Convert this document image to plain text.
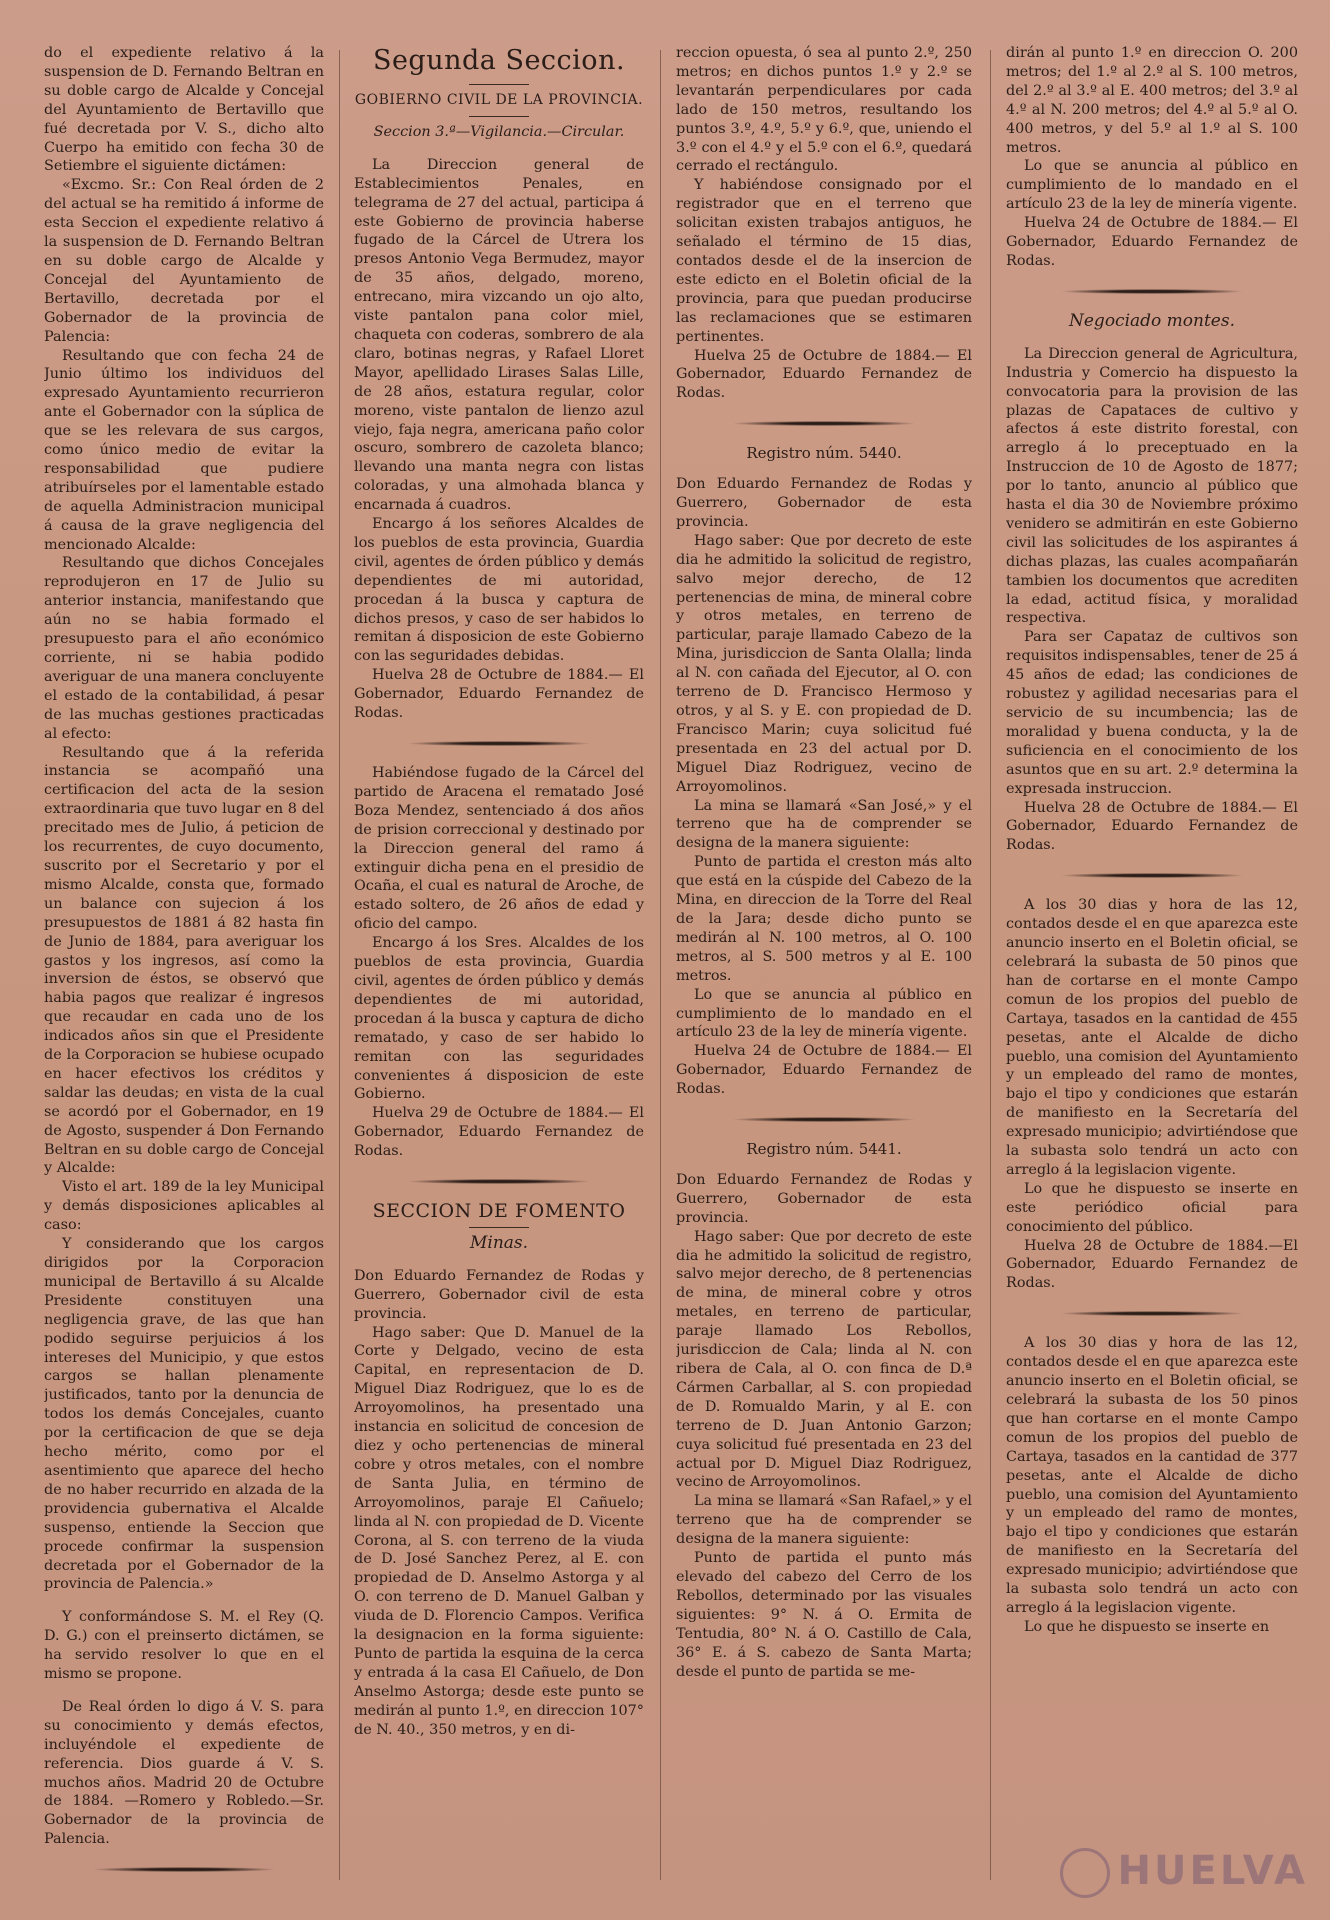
do el expediente relativo á la suspension de D. Fernando Beltran en su doble cargo de Alcalde y Concejal del Ayuntamiento de Bertavillo que fué decretada por V. S., dicho alto Cuerpo ha emitido con fecha 30 de Setiembre el siguiente dictámen:

«Excmo. Sr.: Con Real órden de 2 del actual se ha remitido á informe de esta Seccion el expediente relativo á la suspension de D. Fernando Beltran en su doble cargo de Alcalde y Concejal del Ayuntamiento de Bertavillo, decretada por el Gobernador de la provincia de Palencia:

Resultando que con fecha 24 de Junio último los individuos del expresado Ayuntamiento recurrieron ante el Gobernador con la súplica de que se les relevara de sus cargos, como único medio de evitar la responsabilidad que pudiere atribuírseles por el lamentable estado de aquella Administracion municipal á causa de la grave negligencia del mencionado Alcalde:

Resultando que dichos Concejales reprodujeron en 17 de Julio su anterior instancia, manifestando que aún no se habia formado el presupuesto para el año económico corriente, ni se habia podido averiguar de una manera concluyente el estado de la contabilidad, á pesar de las muchas gestiones practicadas al efecto:

Resultando que á la referida instancia se acompañó una certificacion del acta de la sesion extraordinaria que tuvo lugar en 8 del precitado mes de Julio, á peticion de los recurrentes, de cuyo documento, suscrito por el Secretario y por el mismo Alcalde, consta que, formado un balance con sujecion á los presupuestos de 1881 á 82 hasta fin de Junio de 1884, para averiguar los gastos y los ingresos, así como la inversion de éstos, se observó que habia pagos que realizar é ingresos que recaudar en cada uno de los indicados años sin que el Presidente de la Corporacion se hubiese ocupado en hacer efectivos los créditos y saldar las deudas; en vista de la cual se acordó por el Gobernador, en 19 de Agosto, suspender á Don Fernando Beltran en su doble cargo de Concejal y Alcalde:

Visto el art. 189 de la ley Municipal y demás disposiciones aplicables al caso:

Y considerando que los cargos dirigidos por la Corporacion municipal de Bertavillo á su Alcalde Presidente constituyen una negligencia grave, de las que han podido seguirse perjuicios á los intereses del Municipio, y que estos cargos se hallan plenamente justificados, tanto por la denuncia de todos los demás Concejales, cuanto por la certificacion de que se deja hecho mérito, como por el asentimiento que aparece del hecho de no haber recurrido en alzada de la providencia gubernativa el Alcalde suspenso, entiende la Seccion que procede confirmar la suspension decretada por el Gobernador de la provincia de Palencia.»

Y conformándose S. M. el Rey (Q. D. G.) con el preinserto dictámen, se ha servido resolver lo que en el mismo se propone.

De Real órden lo digo á V. S. para su conocimiento y demás efectos, incluyéndole el expediente de referencia. Dios guarde á V. S. muchos años. Madrid 20 de Octubre de 1884. —Romero y Robledo.—Sr. Gobernador de la provincia de Palencia.

Segunda Seccion.

GOBIERNO CIVIL DE LA PROVINCIA.

Seccion 3.ª—Vigilancia.—Circular.

La Direccion general de Establecimientos Penales, en telegrama de 27 del actual, participa á este Gobierno de provincia haberse fugado de la Cárcel de Utrera los presos Antonio Vega Bermudez, mayor de 35 años, delgado, moreno, entrecano, mira vizcando un ojo alto, viste pantalon pana color miel, chaqueta con coderas, sombrero de ala claro, botinas negras, y Rafael Lloret Mayor, apellidado Lirases Salas Lille, de 28 años, estatura regular, color moreno, viste pantalon de lienzo azul viejo, faja negra, americana paño color oscuro, sombrero de cazoleta blanco; llevando una manta negra con listas coloradas, y una almohada blanca y encarnada á cuadros.

Encargo á los señores Alcaldes de los pueblos de esta provincia, Guardia civil, agentes de órden público y demás dependientes de mi autoridad, procedan á la busca y captura de dichos presos, y caso de ser habidos lo remitan á disposicion de este Gobierno con las seguridades debidas.

Huelva 28 de Octubre de 1884.— El Gobernador, Eduardo Fernandez de Rodas.

Habiéndose fugado de la Cárcel del partido de Aracena el rematado José Boza Mendez, sentenciado á dos años de prision correccional y destinado por la Direccion general del ramo á extinguir dicha pena en el presidio de Ocaña, el cual es natural de Aroche, de estado soltero, de 26 años de edad y oficio del campo.

Encargo á los Sres. Alcaldes de los pueblos de esta provincia, Guardia civil, agentes de órden público y demás dependientes de mi autoridad, procedan á la busca y captura de dicho rematado, y caso de ser habido lo remitan con las seguridades convenientes á disposicion de este Gobierno.

Huelva 29 de Octubre de 1884.— El Gobernador, Eduardo Fernandez de Rodas.

SECCION DE FOMENTO

Minas.

Don Eduardo Fernandez de Rodas y Guerrero, Gobernador civil de esta provincia.

Hago saber: Que D. Manuel de la Corte y Delgado, vecino de esta Capital, en representacion de D. Miguel Diaz Rodriguez, que lo es de Arroyomolinos, ha presentado una instancia en solicitud de concesion de diez y ocho pertenencias de mineral cobre y otros metales, con el nombre de Santa Julia, en término de Arroyomolinos, paraje El Cañuelo; linda al N. con propiedad de D. Vicente Corona, al S. con terreno de la viuda de D. José Sanchez Perez, al E. con propiedad de D. Anselmo Astorga y al O. con terreno de D. Manuel Galban y viuda de D. Florencio Campos. Verifica la designacion en la forma siguiente: Punto de partida la esquina de la cerca y entrada á la casa El Cañuelo, de Don Anselmo Astorga; desde este punto se medirán al punto 1.º, en direccion 107° de N. 40., 350 metros, y en di-

reccion opuesta, ó sea al punto 2.º, 250 metros; en dichos puntos 1.º y 2.º se levantarán perpendiculares por cada lado de 150 metros, resultando los puntos 3.º, 4.º, 5.º y 6.º, que, uniendo el 3.º con el 4.º y el 5.º con el 6.º, quedará cerrado el rectángulo.

Y habiéndose consignado por el registrador que en el terreno que solicitan existen trabajos antiguos, he señalado el término de 15 dias, contados desde el de la insercion de este edicto en el Boletin oficial de la provincia, para que puedan producirse las reclamaciones que se estimaren pertinentes.

Huelva 25 de Octubre de 1884.— El Gobernador, Eduardo Fernandez de Rodas.

Registro núm. 5440.

Don Eduardo Fernandez de Rodas y Guerrero, Gobernador de esta provincia.

Hago saber: Que por decreto de este dia he admitido la solicitud de registro, salvo mejor derecho, de 12 pertenencias de mina, de mineral cobre y otros metales, en terreno de particular, paraje llamado Cabezo de la Mina, jurisdiccion de Santa Olalla; linda al N. con cañada del Ejecutor, al O. con terreno de D. Francisco Hermoso y otros, y al S. y E. con propiedad de D. Francisco Marin; cuya solicitud fué presentada en 23 del actual por D. Miguel Diaz Rodriguez, vecino de Arroyomolinos.

La mina se llamará «San José,» y el terreno que ha de comprender se designa de la manera siguiente:

Punto de partida el creston más alto que está en la cúspide del Cabezo de la Mina, en direccion de la Torre del Real de la Jara; desde dicho punto se medirán al N. 100 metros, al O. 100 metros, al S. 500 metros y al E. 100 metros.

Lo que se anuncia al público en cumplimiento de lo mandado en el artículo 23 de la ley de minería vigente.

Huelva 24 de Octubre de 1884.— El Gobernador, Eduardo Fernandez de Rodas.

Registro núm. 5441.

Don Eduardo Fernandez de Rodas y Guerrero, Gobernador de esta provincia.

Hago saber: Que por decreto de este dia he admitido la solicitud de registro, salvo mejor derecho, de 8 pertenencias de mina, de mineral cobre y otros metales, en terreno de particular, paraje llamado Los Rebollos, jurisdiccion de Cala; linda al N. con ribera de Cala, al O. con finca de D.ª Cármen Carballar, al S. con propiedad de D. Romualdo Marin, y al E. con terreno de D. Juan Antonio Garzon; cuya solicitud fué presentada en 23 del actual por D. Miguel Diaz Rodriguez, vecino de Arroyomolinos.

La mina se llamará «San Rafael,» y el terreno que ha de comprender se designa de la manera siguiente:

Punto de partida el punto más elevado del cabezo del Cerro de los Rebollos, determinado por las visuales siguientes: 9° N. á O. Ermita de Tentudia, 80° N. á O. Castillo de Cala, 36° E. á S. cabezo de Santa Marta; desde el punto de partida se me-

dirán al punto 1.º en direccion O. 200 metros; del 1.º al 2.º al S. 100 metros, del 2.º al 3.º al E. 400 metros; del 3.º al 4.º al N. 200 metros; del 4.º al 5.º al O. 400 metros, y del 5.º al 1.º al S. 100 metros.

Lo que se anuncia al público en cumplimiento de lo mandado en el artículo 23 de la ley de minería vigente.

Huelva 24 de Octubre de 1884.— El Gobernador, Eduardo Fernandez de Rodas.

Negociado montes.

La Direccion general de Agricultura, Industria y Comercio ha dispuesto la convocatoria para la provision de las plazas de Capataces de cultivo y afectos á este distrito forestal, con arreglo á lo preceptuado en la Instruccion de 10 de Agosto de 1877; por lo tanto, anuncio al público que hasta el dia 30 de Noviembre próximo venidero se admitirán en este Gobierno civil las solicitudes de los aspirantes á dichas plazas, las cuales acompañarán tambien los documentos que acrediten la edad, actitud física, y moralidad respectiva.

Para ser Capataz de cultivos son requisitos indispensables, tener de 25 á 45 años de edad; las condiciones de robustez y agilidad necesarias para el servicio de su incumbencia; las de moralidad y buena conducta, y la de suficiencia en el conocimiento de los asuntos que en su art. 2.º determina la expresada instruccion.

Huelva 28 de Octubre de 1884.— El Gobernador, Eduardo Fernandez de Rodas.

A los 30 dias y hora de las 12, contados desde el en que aparezca este anuncio inserto en el Boletin oficial, se celebrará la subasta de 50 pinos que han de cortarse en el monte Campo comun de los propios del pueblo de Cartaya, tasados en la cantidad de 455 pesetas, ante el Alcalde de dicho pueblo, una comision del Ayuntamiento y un empleado del ramo de montes, bajo el tipo y condiciones que estarán de manifiesto en la Secretaría del expresado municipio; advirtiéndose que la subasta solo tendrá un acto con arreglo á la legislacion vigente.

Lo que he dispuesto se inserte en este periódico oficial para conocimiento del público.

Huelva 28 de Octubre de 1884.—El Gobernador, Eduardo Fernandez de Rodas.

A los 30 dias y hora de las 12, contados desde el en que aparezca este anuncio inserto en el Boletin oficial, se celebrará la subasta de los 50 pinos que han cortarse en el monte Campo comun de los propios del pueblo de Cartaya, tasados en la cantidad de 377 pesetas, ante el Alcalde de dicho pueblo, una comision del Ayuntamiento y un empleado del ramo de montes, bajo el tipo y condiciones que estarán de manifiesto en la Secretaría del expresado municipio; advirtiéndose que la subasta solo tendrá un acto con arreglo á la legislacion vigente.

Lo que he dispuesto se inserte en

HUELVA
